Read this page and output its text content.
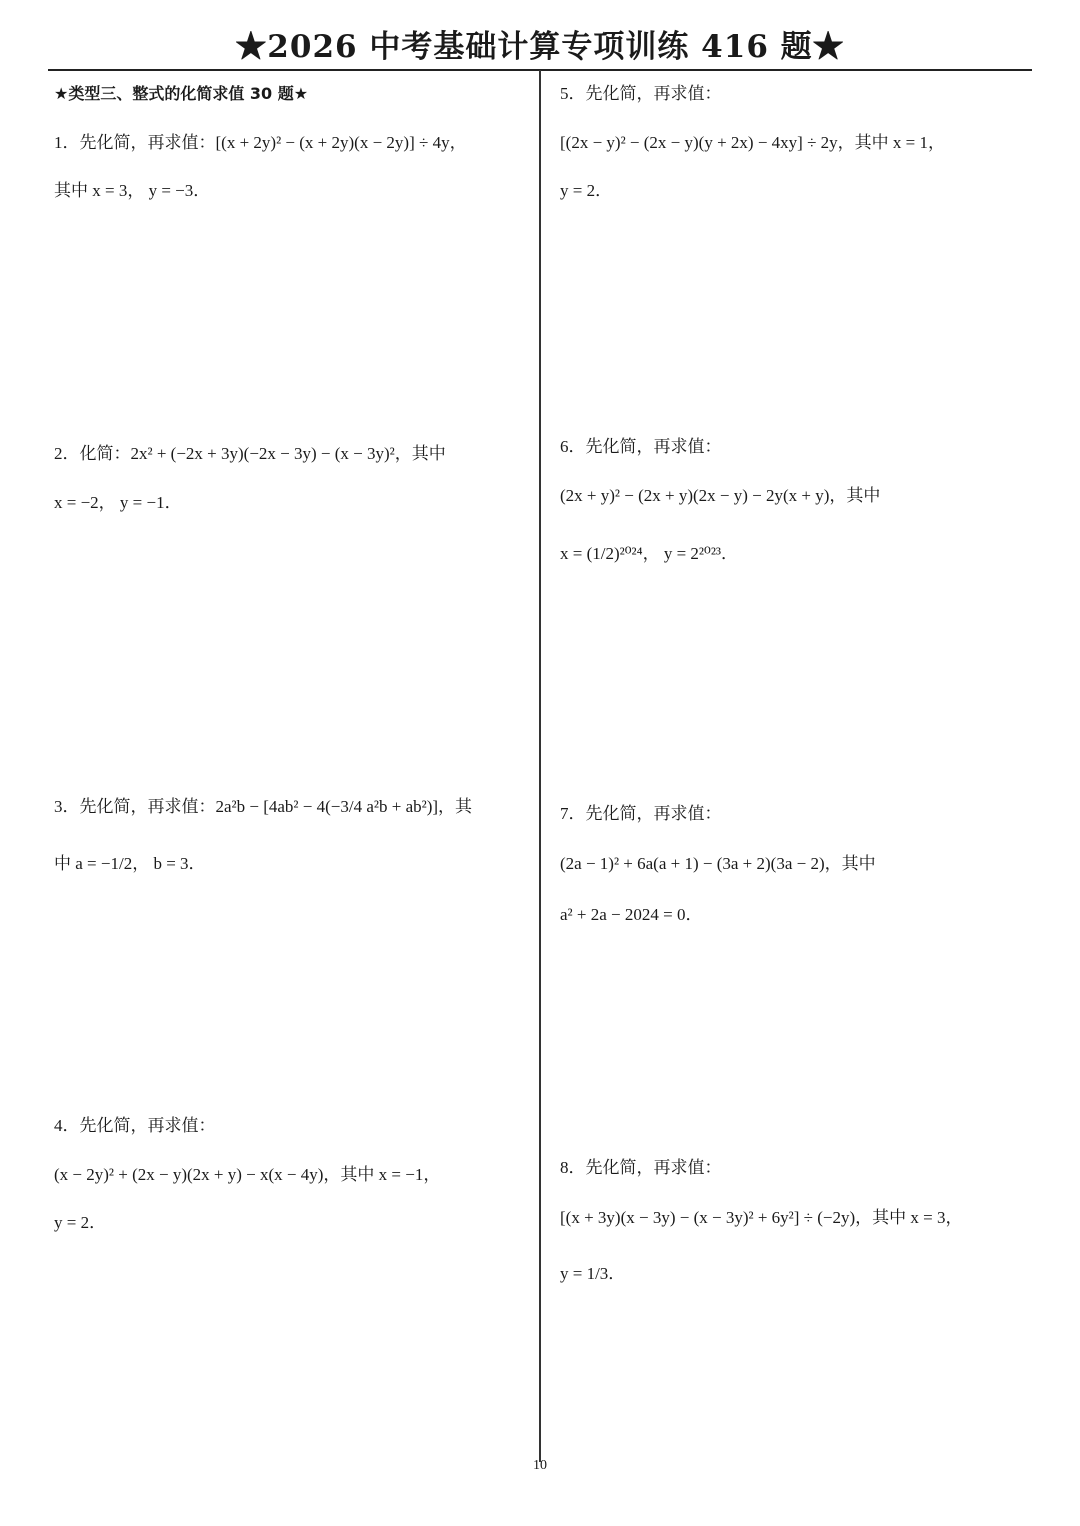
★2026 中考基础计算专项训练 416 题★
★类型三、整式的化简求值 30 题★
1．先化简，再求值：[(x + 2y)² − (x + 2y)(x − 2y)] ÷ 4y，
其中 x = 3， y = −3．
2．化简：2x² + (−2x + 3y)(−2x − 3y) − (x − 3y)²，其中
x = −2， y = −1．
3．先化简，再求值：2a²b − [4ab² − 4(−3/4 a²b + ab²)]，其
中 a = −1/2， b = 3．
4．先化简，再求值：
(x − 2y)² + (2x − y)(2x + y) − x(x − 4y)，其中 x = −1，
y = 2．
5．先化简，再求值：
[(2x − y)² − (2x − y)(y + 2x) − 4xy] ÷ 2y，其中 x = 1，
y = 2．
6．先化简，再求值：
(2x + y)² − (2x + y)(2x − y) − 2y(x + y)，其中
x = (1/2)²⁰²⁴， y = 2²⁰²³．
7．先化简，再求值：
(2a − 1)² + 6a(a + 1) − (3a + 2)(3a − 2)，其中
a² + 2a − 2024 = 0．
8．先化简，再求值：
[(x + 3y)(x − 3y) − (x − 3y)² + 6y²] ÷ (−2y)，其中 x = 3，
y = 1/3．
10
